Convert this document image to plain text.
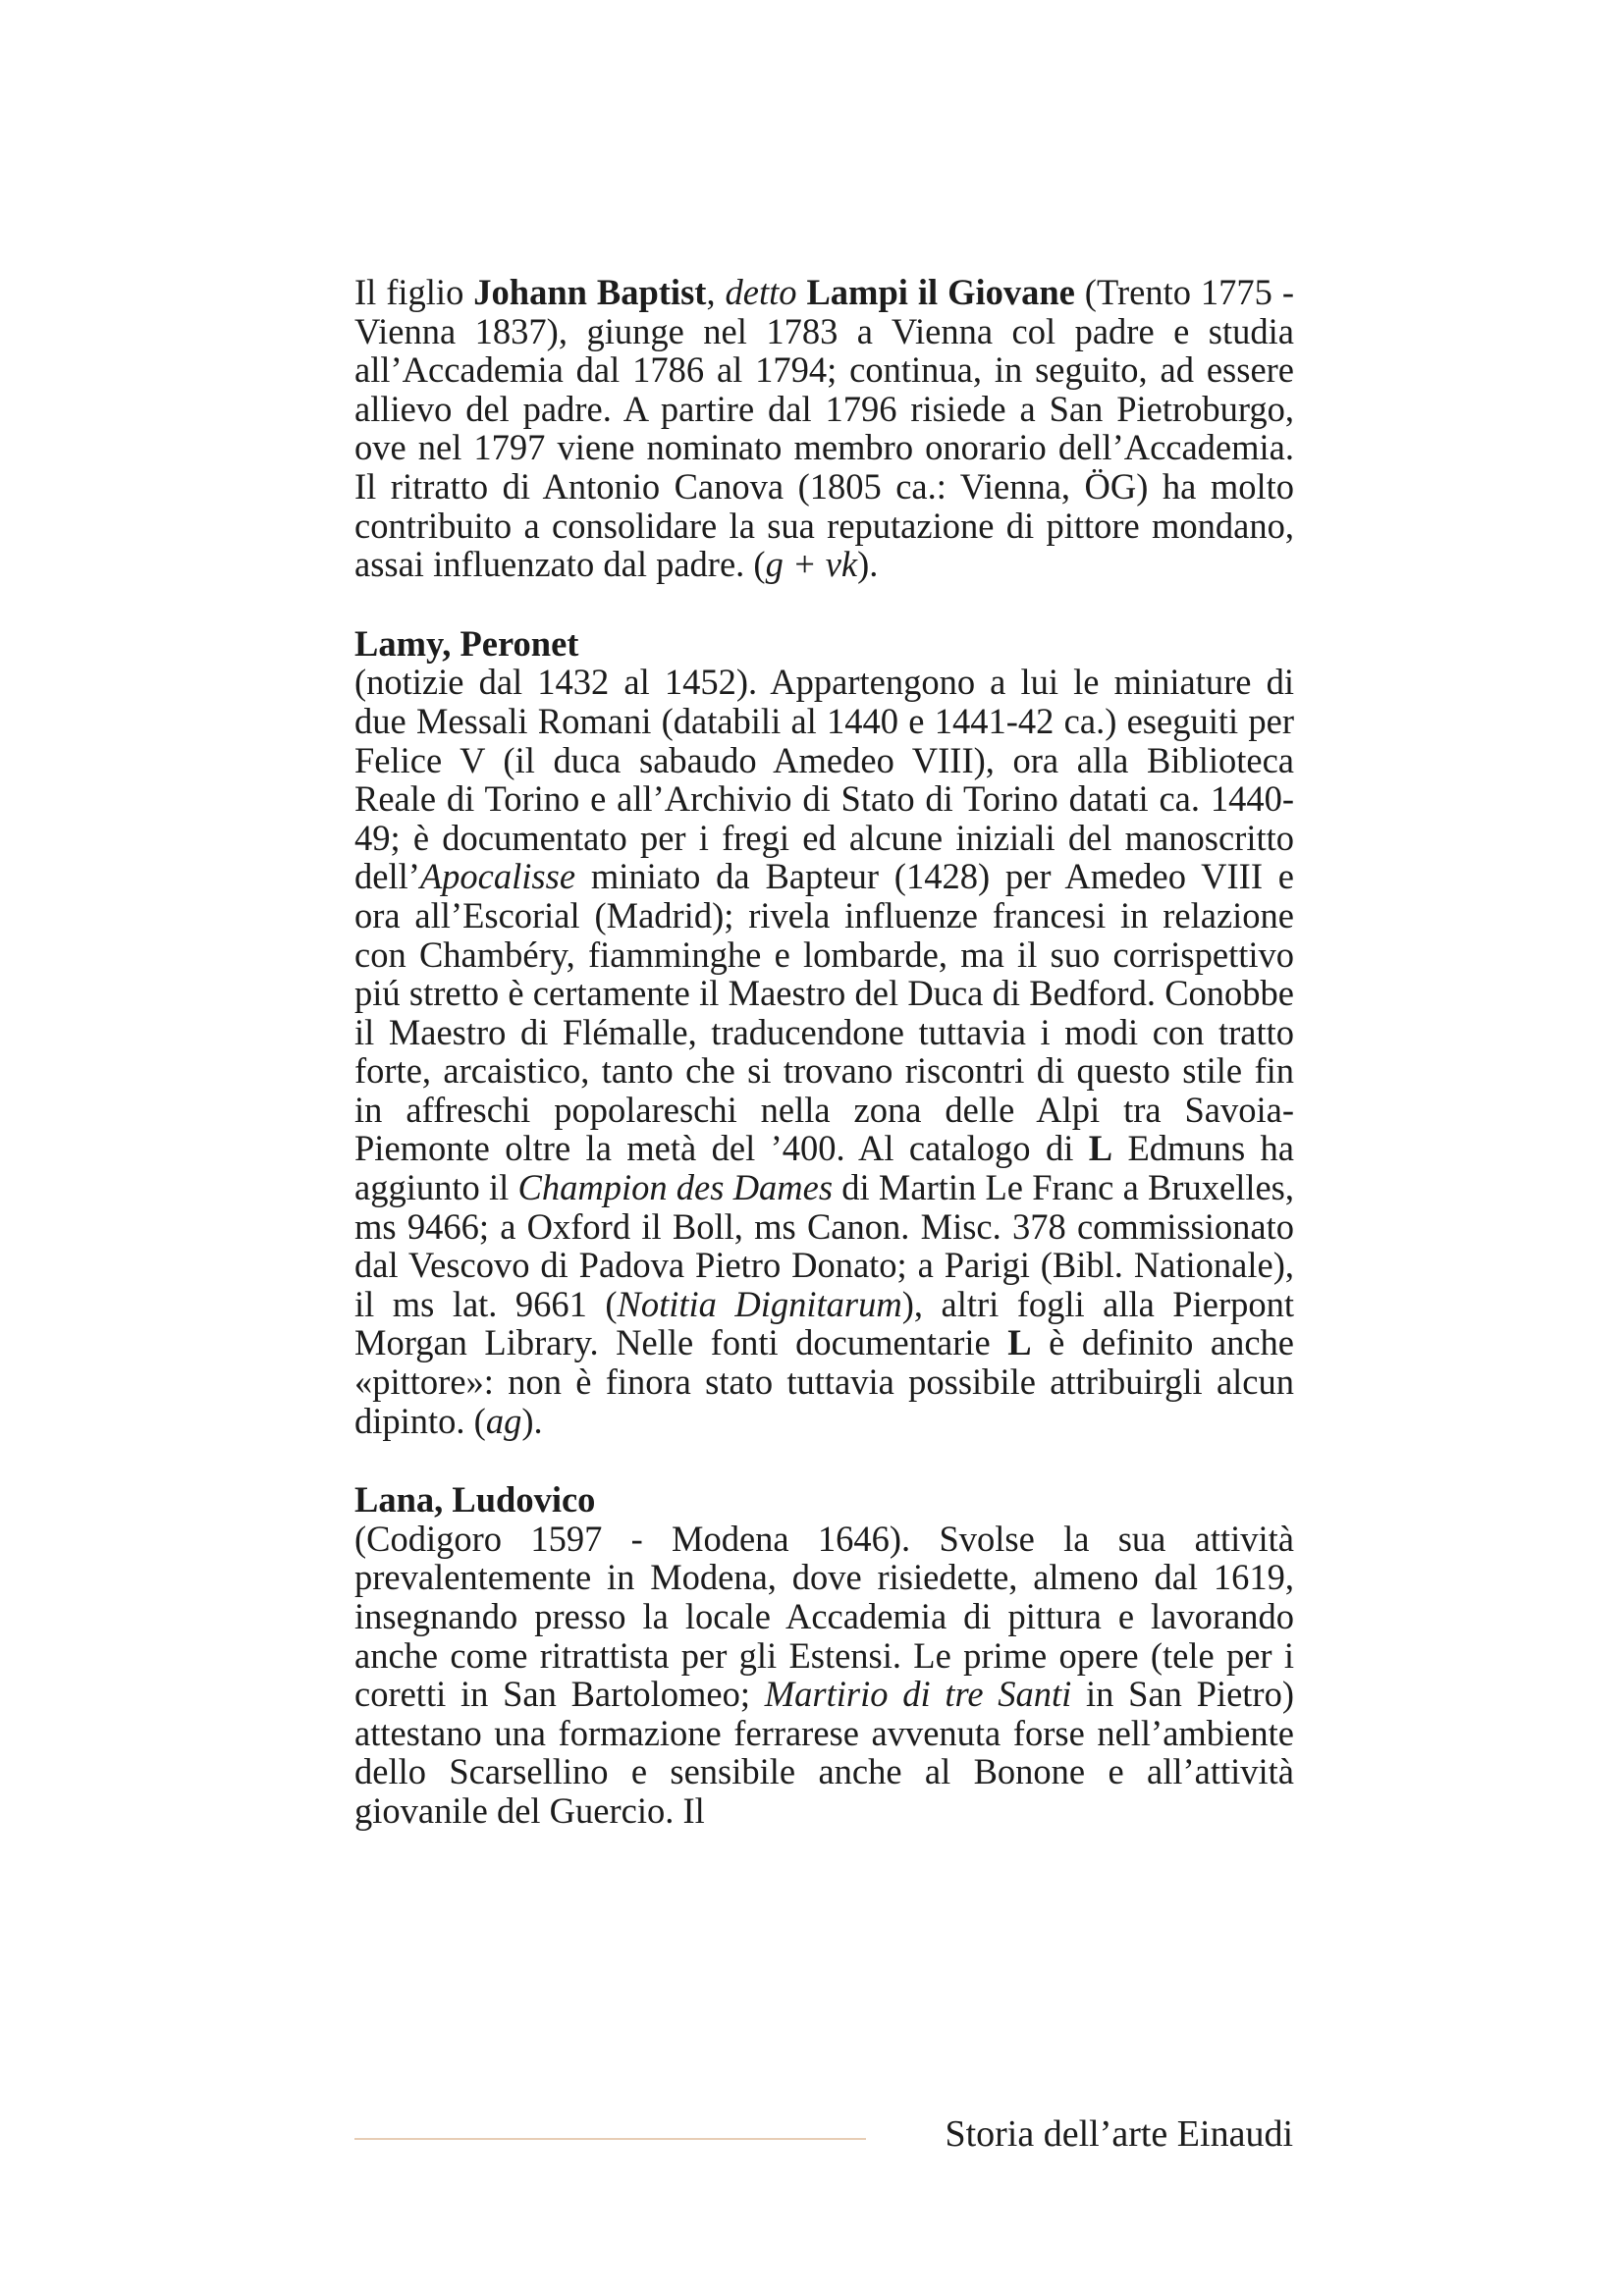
Il figlio Johann Baptist, detto Lampi il Giovane (Trento 1775 - Vienna 1837), giunge nel 1783 a Vienna col padre e studia all’Accademia dal 1786 al 1794; continua, in seguito, ad essere allievo del padre. A partire dal 1796 risiede a San Pietroburgo, ove nel 1797 viene nominato membro onorario dell’Accademia. Il ritratto di Antonio Canova (1805 ca.: Vienna, ÖG) ha molto contribuito a consolidare la sua reputazione di pittore mondano, assai influenzato dal padre. (g + vk).

Lamy, Peronet

(notizie dal 1432 al 1452). Appartengono a lui le miniature di due Messali Romani (databili al 1440 e 1441-42 ca.) eseguiti per Felice V (il duca sabaudo Amedeo VIII), ora alla Biblioteca Reale di Torino e all’Archivio di Stato di Torino datati ca. 1440-49; è documentato per i fregi ed alcune iniziali del manoscritto dell’Apocalisse miniato da Bapteur (1428) per Amedeo VIII e ora all’Escorial (Madrid); rivela influenze francesi in relazione con Chambéry, fiamminghe e lombarde, ma il suo corrispettivo piú stretto è certamente il Maestro del Duca di Bedford. Conobbe il Maestro di Flémalle, traducendone tuttavia i modi con tratto forte, arcaistico, tanto che si trovano riscontri di questo stile fin in affreschi popolareschi nella zona delle Alpi tra Savoia-Piemonte oltre la metà del ’400. Al catalogo di L Edmuns ha aggiunto il Champion des Dames di Martin Le Franc a Bruxelles, ms 9466; a Oxford il Boll, ms Canon. Misc. 378 commissionato dal Vescovo di Padova Pietro Donato; a Parigi (Bibl. Nationale), il ms lat. 9661 (Notitia Dignitarum), altri fogli alla Pierpont Morgan Library. Nelle fonti documentarie L è definito anche «pittore»: non è finora stato tuttavia possibile attribuirgli alcun dipinto. (ag).

Lana, Ludovico

(Codigoro 1597 - Modena 1646). Svolse la sua attività prevalentemente in Modena, dove risiedette, almeno dal 1619, insegnando presso la locale Accademia di pittura e lavorando anche come ritrattista per gli Estensi. Le prime opere (tele per i coretti in San Bartolomeo; Martirio di tre Santi in San Pietro) attestano una formazione ferrarese avvenuta forse nell’ambiente dello Scarsellino e sensibile anche al Bonone e all’attività giovanile del Guercio. Il

Storia dell’arte Einaudi
